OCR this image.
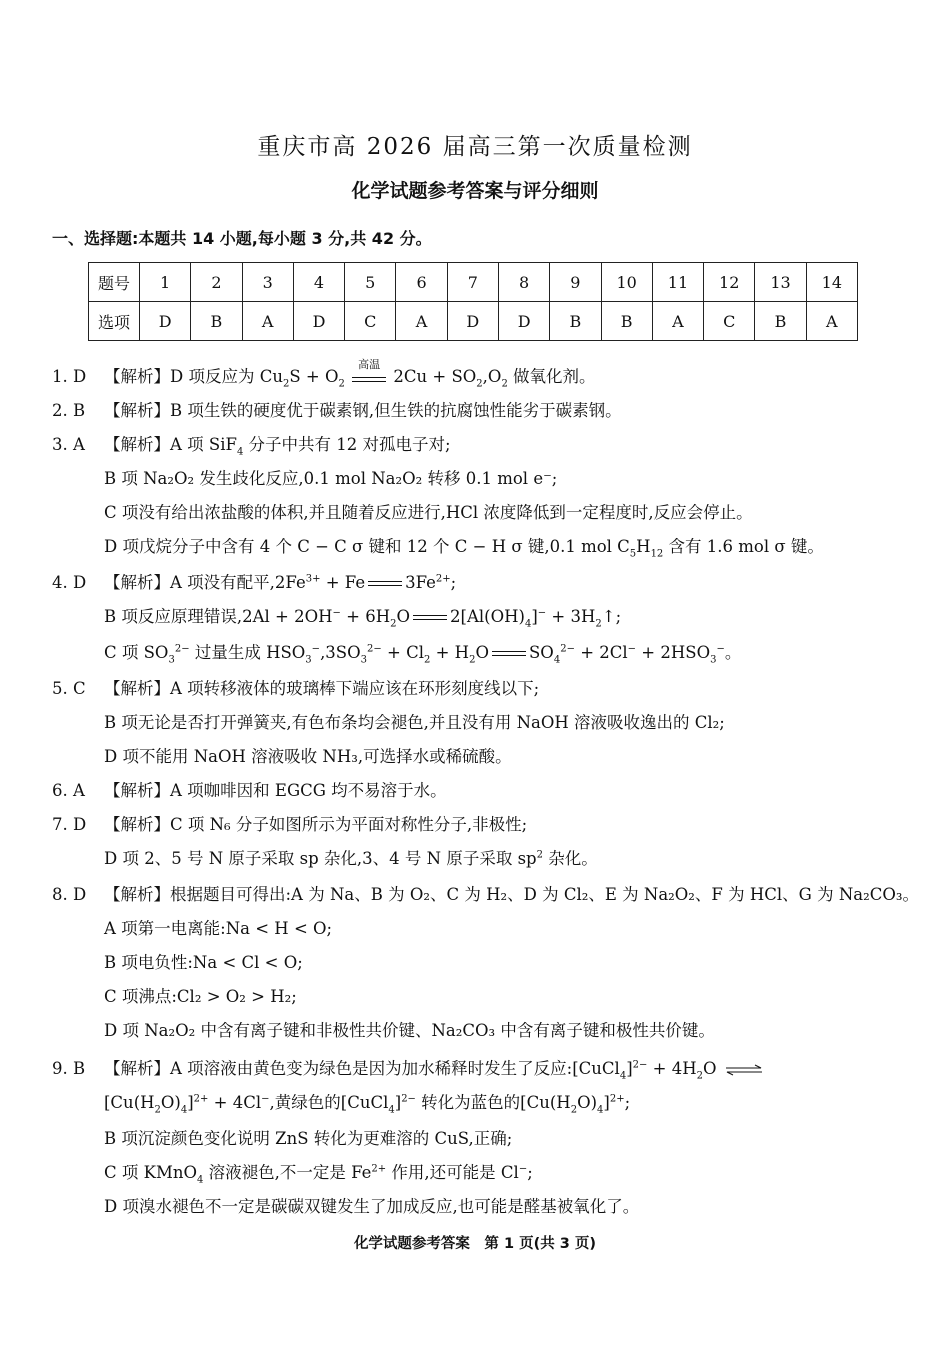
重庆市高 2026 届高三第一次质量检测
化学试题参考答案与评分细则
一、选择题:本题共 14 小题,每小题 3 分,共 42 分。
题号	1	2	3	4	5	6	7	8	9	10	11	12	13	14
选项	D	B	A	D	C	A	D	D	B	B	A	C	B	A
1. D 【解析】D 项反应为 $Cu_2S + O_2$
高温
$2Cu + SO_2,O_2$ 做氧化剂。
2. B 【解析】B 项生铁的硬度优于碳素钢,但生铁的抗腐蚀性能劣于碳素钢。
3. A 【解析】A 项 SiF$_4$ 分子中共有 12 对孤电子对;
B 项 Na₂O₂ 发生歧化反应,0.1 mol Na₂O₂ 转移 0.1 mol e⁻;
C 项没有给出浓盐酸的体积,并且随着反应进行,HCl 浓度降低到一定程度时,反应会停止。
D 项戊烷分子中含有 4 个 C − C σ 键和 12 个 C − H σ 键,0.1 mol $C_5H_{12}$ 含有 1.6 mol σ 键。
4. D 【解析】A 项没有配平$,2Fe^{3+} + Fe$ $3Fe^{2+}$;
B 项反应原理错误$,2Al + 2OH^- + 6H_2O$ $2[Al(OH)_4]^-$ + $3H_2↑$;
C 项 $SO_3^{2-}$ 过量生成 $HSO_3^-,3SO_3^{2-} + Cl_2 + H_2O$ $SO_4^{2-} + 2Cl^- + 2HSO_3^-$。
5. C 【解析】A 项转移液体的玻璃棒下端应该在环形刻度线以下;
B 项无论是否打开弹簧夹,有色布条均会褪色,并且没有用 NaOH 溶液吸收逸出的 Cl₂;
D 项不能用 NaOH 溶液吸收 NH₃,可选择水或稀硫酸。
6. A 【解析】A 项咖啡因和 EGCG 均不易溶于水。
7. D 【解析】C 项 N₆ 分子如图所示为平面对称性分子,非极性;
D 项 2、5 号 N 原子采取 sp 杂化,3、4 号 N 原子采取 $sp^2$ 杂化。
8. D 【解析】根据题目可得出:A 为 Na、B 为 O₂、C 为 H₂、D 为 Cl₂、E 为 Na₂O₂、F 为 HCl、G 为 Na₂CO₃。
A 项第一电离能:Na < H < O;
B 项电负性:Na < Cl < O;
C 项沸点:Cl₂ > O₂ > H₂;
D 项 Na₂O₂ 中含有离子键和非极性共价键、Na₂CO₃ 中含有离子键和极性共价键。
9. B 【解析】A 项溶液由黄色变为绿色是因为加水稀释时发生了反应:[CuCl$_4$]$^{2-}$ + $4H_2O$ ⇌
$[Cu(H_2O)_4]^{2+} + 4Cl^-$,黄绿色的[CuCl$_4$]$^{2-}$ 转化为蓝色的$[Cu(H_2O)_4]^{2+}$;
B 项沉淀颜色变化说明 ZnS 转化为更难溶的 CuS,正确;
C 项 KMnO$_4$ 溶液褪色,不一定是 $Fe^{2+}$ 作用,还可能是 Cl−;
D 项溴水褪色不一定是碳碳双键发生了加成反应,也可能是醛基被氧化了。
化学试题参考答案　第 1 页(共 3 页)
